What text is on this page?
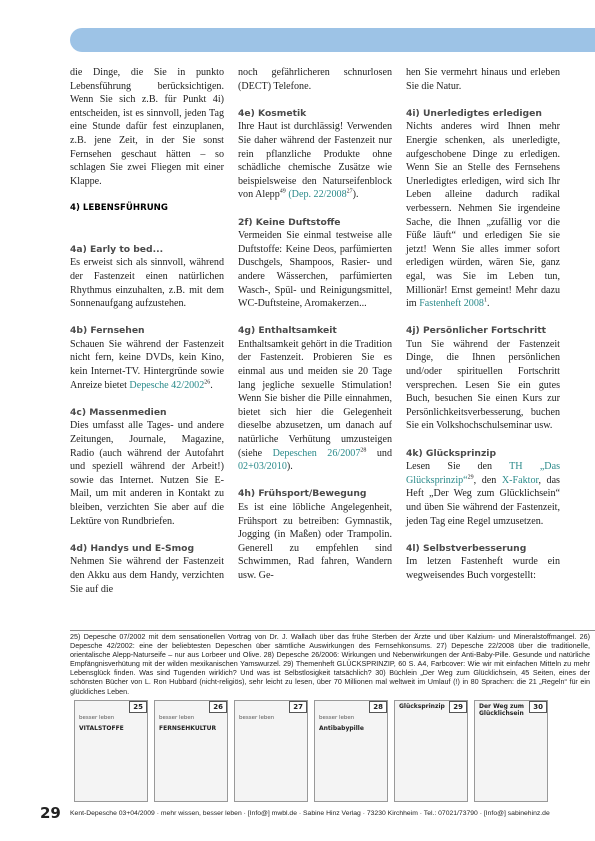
die Dinge, die Sie in punkto Lebensführung berücksichtigen. Wenn Sie sich z.B. für Punkt 4i) entscheiden, ist es sinnvoll, jeden Tag eine Stunde dafür fest einzuplanen, z.B. jene Zeit, in der Sie sonst Fernsehen geschaut hätten – so schlagen Sie zwei Fliegen mit einer Klappe.

4) LEBENSFÜHRUNG
4a) Early to bed...

Es erweist sich als sinnvoll, während der Fastenzeit einen natürlichen Rhythmus einzuhalten, z.B. mit dem Sonnenaufgang aufzustehen.

4b) Fernsehen

Schauen Sie während der Fastenzeit nicht fern, keine DVDs, kein Kino, kein Internet-TV. Hintergründe sowie Anreize bietet Depesche 42/2002$^{26}$.

4c) Massenmedien

Dies umfasst alle Tages- und andere Zeitungen, Journale, Magazine, Radio (auch während der Autofahrt und speziell während der Arbeit!) sowie das Internet. Nutzen Sie E-Mail, um mit anderen in Kontakt zu bleiben, verzichten Sie aber auf die Lektüre von Rundbriefen.

4d) Handys und E-Smog

Nehmen Sie während der Fastenzeit den Akku aus dem Handy, verzichten Sie auf die

noch gefährlicheren schnurlosen (DECT) Telefone.

4e) Kosmetik

Ihre Haut ist durchlässig! Verwenden Sie daher während der Fastenzeit nur rein pflanzliche Produkte ohne schädliche chemische Zusätze wie beispielsweise den Naturseifenblock von Alepp$^{49}$ (Dep. 22/2008$^{27}$).

2f) Keine Duftstoffe

Vermeiden Sie einmal testweise alle Duftstoffe: Keine Deos, parfümierten Duschgels, Shampoos, Rasier- und andere Wässerchen, parfümierten Wasch-, Spül- und Reinigungsmittel, WC-Duftsteine, Aromakerzen...

4g) Enthaltsamkeit

Enthaltsamkeit gehört in die Tradition der Fastenzeit. Probieren Sie es einmal aus und meiden sie 20 Tage lang jegliche sexuelle Stimulation! Wenn Sie bisher die Pille einnahmen, bietet sich hier die Gelegenheit dieselbe abzusetzen, um danach auf natürliche Verhütung umzusteigen (siehe Depeschen 26/2007$^{28}$ und 02+03/2010).

4h) Frühsport/Bewegung

Es ist eine löbliche Angelegenheit, Frühsport zu betreiben: Gymnastik, Jogging (in Maßen) oder Trampolin. Generell zu empfehlen sind Schwimmen, Rad fahren, Wandern usw. Ge-

hen Sie vermehrt hinaus und erleben Sie die Natur.

4i) Unerledigtes erledigen

Nichts anderes wird Ihnen mehr Energie schenken, als unerledigte, aufgeschobene Dinge zu erledigen. Wenn Sie an Stelle des Fernsehens Unerledigtes erledigen, wird sich Ihr Leben alleine dadurch radikal verbessern. Nehmen Sie irgendeine Sache, die Ihnen „zufällig vor die Füße läuft“ und erledigen Sie sie jetzt! Wenn Sie alles immer sofort erledigen würden, wären Sie, ganz egal, was Sie im Leben tun, Millionär! Ernst gemeint! Mehr dazu im Fastenheft 2008$^1$.

4j) Persönlicher Fortschritt

Tun Sie während der Fastenzeit Dinge, die Ihnen persönlichen und/oder spirituellen Fortschritt versprechen. Lesen Sie ein gutes Buch, besuchen Sie einen Kurs zur Persönlichkeitsverbesserung, buchen Sie ein Volkshochschulseminar usw.

4k) Glücksprinzip

Lesen Sie den TH „Das Glücksprinzip“$^{29}$, den X-Faktor, das Heft „Der Weg zum Glücklichsein“ und üben Sie während der Fastenzeit, jeden Tag eine Regel umzusetzen.

4l) Selbstverbesserung

Im letzen Fastenheft wurde ein wegweisendes Buch vorgestellt:

25) Depesche 07/2002 mit dem sensationellen Vortrag von Dr. J. Wallach über das frühe Sterben der Ärzte und über Kalzium- und Mineralstoffmangel. 26) Depesche 42/2002: eine der beliebtesten Depeschen über sämtliche Auswirkungen des Fernsehkonsums. 27) Depesche 22/2008 über die traditionelle, orientalische Alepp-Naturseife – nur aus Lorbeer und Olive. 28) Depesche 26/2006: Wirkungen und Nebenwirkungen der Anti-Baby-Pille. Gesunde und natürliche Empfängnisverhütung mit der wilden mexikanischen Yamswurzel. 29) Themenheft GLÜCKSPRINZIP, 60 S. A4, Farbcover: Wie wir mit einfachen Mitteln zu mehr Lebensglück finden. Was sind Tugenden wirklich? Und was ist Selbstlosigkeit tatsächlich? 30) Büchlein „Der Weg zum Glücklichsein, 45 Seiten, eines der schönsten Bücher von L. Ron Hubbard (nicht-religiös), sehr leicht zu lesen, über 70 Millionen mal weltweit im Umlauf (!) in 80 Sprachen: die 21 „Regeln“ für ein glückliches Leben.
25
besser leben
VITALSTOFFE
26
besser leben
FERNSEHKULTUR
27
besser leben
28
besser leben
Antibabypille
29
Glücksprinzip	30
Der Weg zum Glücklichsein
29 Kent-Depesche 03+04/2009 · mehr wissen, besser leben · [Info@] mwbl.de · Sabine Hinz Verlag · 73230 Kirchheim · Tel.: 07021/73790 · [Info@] sabinehinz.de
